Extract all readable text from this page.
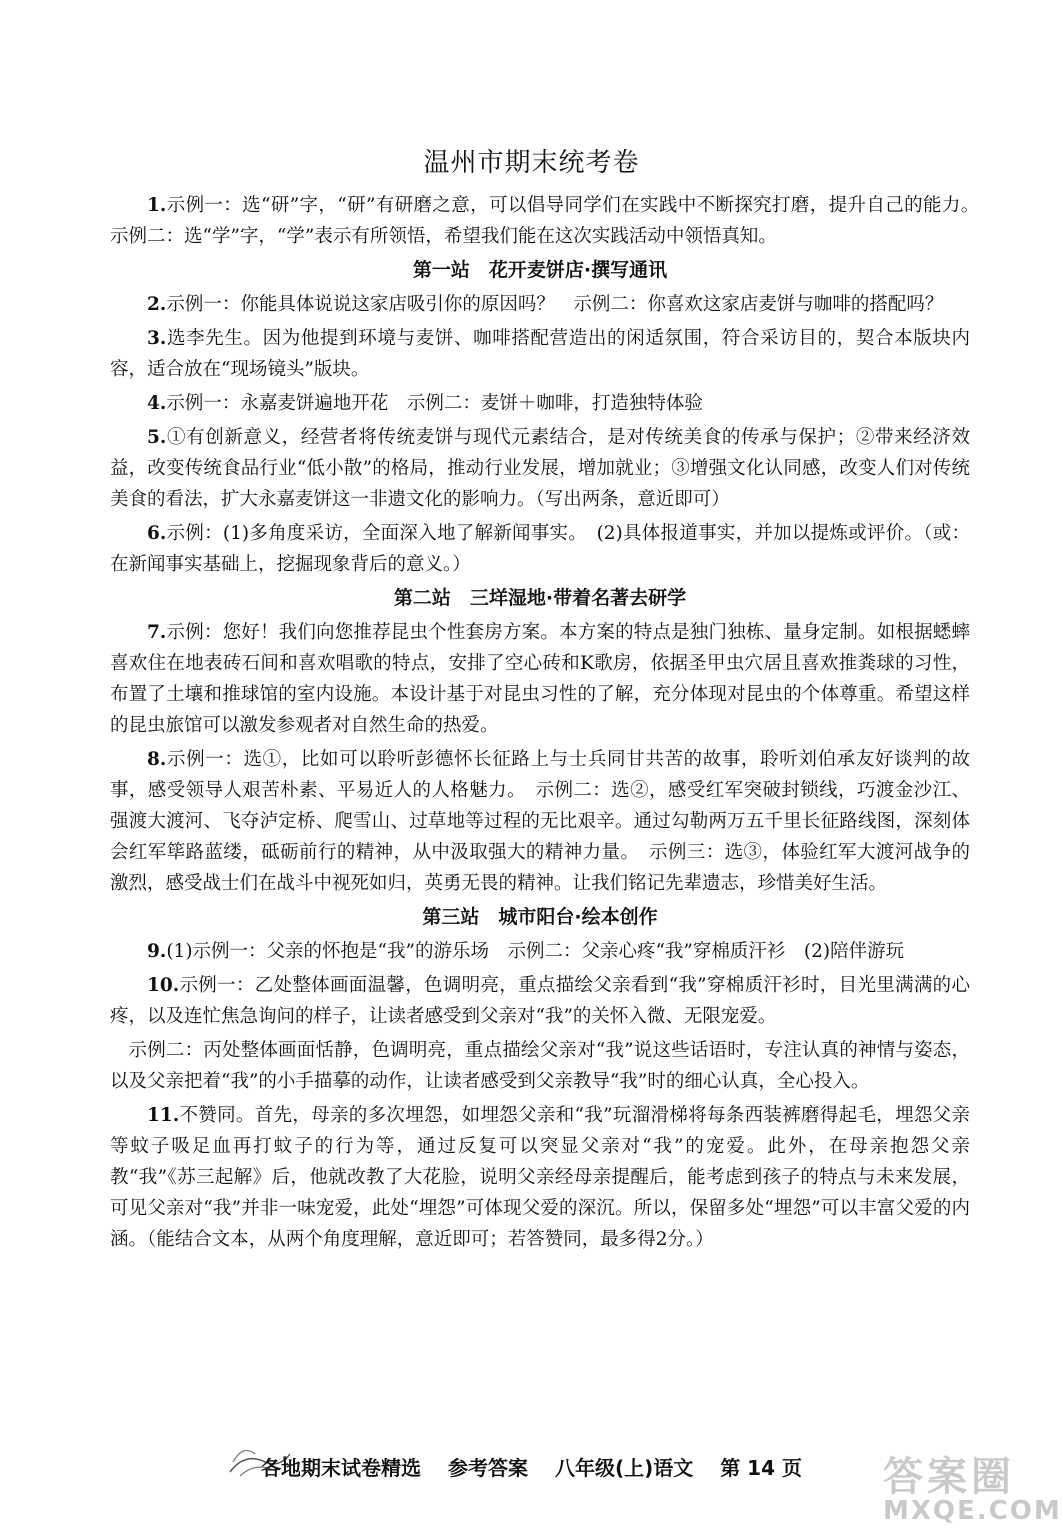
温州市期末统考卷

1.示例一：选“研”字，“研”有研磨之意，可以倡导同学们在实践中不断探究打磨，提升自己的能力。　示例二：选“学”字，“学”表示有所领悟，希望我们能在这次实践活动中领悟真知。

第一站　花开麦饼店·撰写通讯

2.示例一：你能具体说说这家店吸引你的原因吗？　示例二：你喜欢这家店麦饼与咖啡的搭配吗？

3.选李先生。因为他提到环境与麦饼、咖啡搭配营造出的闲适氛围，符合采访目的，契合本版块内容，适合放在“现场镜头”版块。

4.示例一：永嘉麦饼遍地开花　示例二：麦饼＋咖啡，打造独特体验

5.①有创新意义，经营者将传统麦饼与现代元素结合，是对传统美食的传承与保护；②带来经济效益，改变传统食品行业“低小散”的格局，推动行业发展，增加就业；③增强文化认同感，改变人们对传统美食的看法，扩大永嘉麦饼这一非遗文化的影响力。（写出两条，意近即可）

6.示例：(1)多角度采访，全面深入地了解新闻事实。　(2)具体报道事实，并加以提炼或评价。（或：在新闻事实基础上，挖掘现象背后的意义。）

第二站　三垟湿地·带着名著去研学

7.示例：您好！我们向您推荐昆虫个性套房方案。本方案的特点是独门独栋、量身定制。如根据蟋蟀喜欢住在地表砖石间和喜欢唱歌的特点，安排了空心砖和K歌房，依据圣甲虫穴居且喜欢推粪球的习性，布置了土壤和推球馆的室内设施。本设计基于对昆虫习性的了解，充分体现对昆虫的个体尊重。希望这样的昆虫旅馆可以激发参观者对自然生命的热爱。

8.示例一：选①，比如可以聆听彭德怀长征路上与士兵同甘共苦的故事，聆听刘伯承友好谈判的故事，感受领导人艰苦朴素、平易近人的人格魅力。　示例二：选②，感受红军突破封锁线，巧渡金沙江、强渡大渡河、飞夺泸定桥、爬雪山、过草地等过程的无比艰辛。通过勾勒两万五千里长征路线图，深刻体会红军筚路蓝缕，砥砺前行的精神，从中汲取强大的精神力量。　示例三：选③，体验红军大渡河战争的激烈，感受战士们在战斗中视死如归，英勇无畏的精神。让我们铭记先辈遗志，珍惜美好生活。

第三站　城市阳台·绘本创作

9.(1)示例一：父亲的怀抱是“我”的游乐场　示例二：父亲心疼“我”穿棉质汗衫　(2)陪伴游玩

10.示例一：乙处整体画面温馨，色调明亮，重点描绘父亲看到“我”穿棉质汗衫时，目光里满满的心疼，以及连忙焦急询问的样子，让读者感受到父亲对“我”的关怀入微、无限宠爱。

示例二：丙处整体画面恬静，色调明亮，重点描绘父亲对“我”说这些话语时，专注认真的神情与姿态，以及父亲把着“我”的小手描摹的动作，让读者感受到父亲教导“我”时的细心认真，全心投入。

11.不赞同。首先，母亲的多次埋怨，如埋怨父亲和“我”玩溜滑梯将每条西装裤磨得起毛，埋怨父亲等蚊子吸足血再打蚊子的行为等，通过反复可以突显父亲对“我”的宠爱。此外，在母亲抱怨父亲教“我”《苏三起解》后，他就改教了大花脸，说明父亲经母亲提醒后，能考虑到孩子的特点与未来发展，可见父亲对“我”并非一味宠爱，此处“埋怨”可体现父爱的深沉。所以，保留多处“埋怨”可以丰富父爱的内涵。（能结合文本，从两个角度理解，意近即可；若答赞同，最多得2分。）

各地期末试卷精选 参考答案 八年级(上)语文 第 14 页	答案圈
MXQE.COM
